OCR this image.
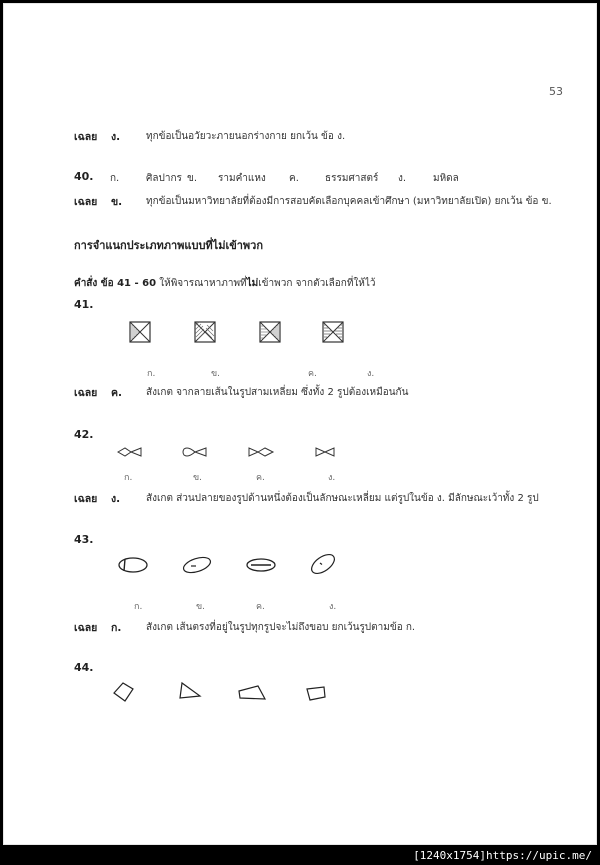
53
เฉลย ง.	ทุกข้อเป็นอวัยวะภายนอกร่างกาย ยกเว้น ข้อ ง.
40. ก.	ศิลปากร ข. รามคำแหง ค.	ธรรมศาสตร์ ง.	มหิดล
เฉลย ข. ทุกข้อเป็นมหาวิทยาลัยที่ต้องมีการสอบคัดเลือกบุคคลเข้าศึกษา (มหาวิทยาลัยเปิด) ยกเว้น ข้อ ข.
การจำแนกประเภทภาพแบบที่ไม่เข้าพวก
คำสั่ง ข้อ 41 - 60 ให้พิจารณาหาภาพที่ไม่เข้าพวก จากตัวเลือกที่ให้ไว้
41.
ก.	ข.	ค.	ง.
เฉลย ค. สังเกต จากลายเส้นในรูปสามเหลี่ยม ซึ่งทั้ง 2 รูปต้องเหมือนกัน
42.
ก.	ข.	ค.	ง.
เฉลย ง.	สังเกต ส่วนปลายของรูปด้านหนึ่งต้องเป็นลักษณะเหลี่ยม แต่รูปในข้อ ง. มีลักษณะเว้าทั้ง 2 รูป
43.
ก.	ข.	ค.	ง.
เฉลย ก. สังเกต เส้นตรงที่อยู่ในรูปทุกรูปจะไม่ถึงขอบ ยกเว้นรูปตามข้อ ก.
44.
[1240x1754]https://upic.me/
